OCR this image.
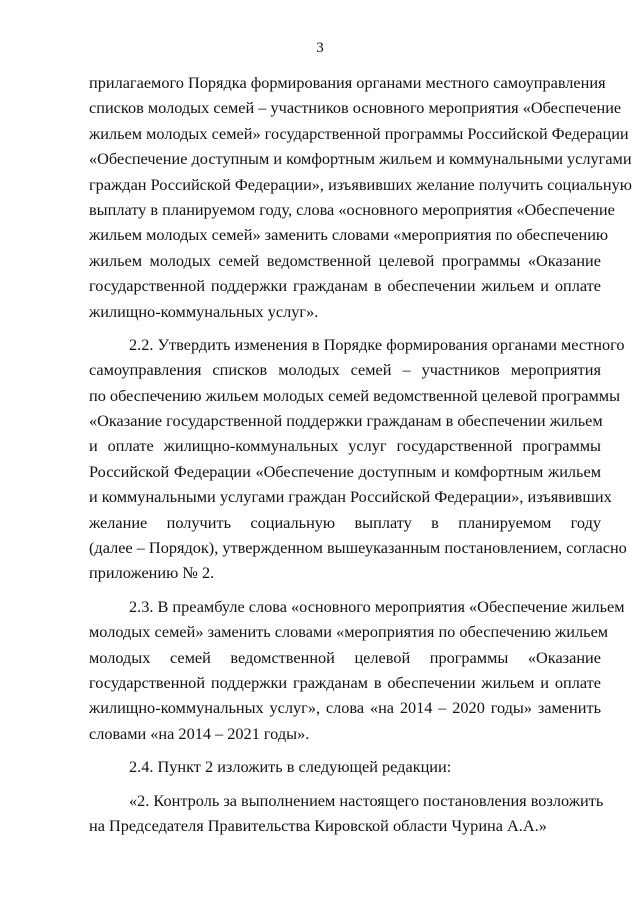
3
прилагаемого Порядка формирования органами местного самоуправления
списков молодых семей – участников основного мероприятия «Обеспечение
жильем молодых семей» государственной программы Российской Федерации
«Обеспечение доступным и комфортным жильем и коммунальными услугами
граждан Российской Федерации», изъявивших желание получить социальную
выплату в планируемом году, слова «основного мероприятия «Обеспечение
жильем молодых семей» заменить словами «мероприятия по обеспечению
жильем молодых семей ведомственной целевой программы «Оказание
государственной поддержки гражданам в обеспечении жильем и оплате
жилищно-коммунальных услуг».
2.2. Утвердить изменения в Порядке формирования органами местного
самоуправления списков молодых семей – участников мероприятия
по обеспечению жильем молодых семей ведомственной целевой программы
«Оказание государственной поддержки гражданам в обеспечении жильем
и оплате жилищно-коммунальных услуг государственной программы
Российской Федерации «Обеспечение доступным и комфортным жильем
и коммунальными услугами граждан Российской Федерации», изъявивших
желание получить социальную выплату в планируемом году
(далее – Порядок), утвержденном вышеуказанным постановлением, согласно
приложению № 2.
2.3. В преамбуле слова «основного мероприятия «Обеспечение жильем
молодых семей» заменить словами «мероприятия по обеспечению жильем
молодых семей ведомственной целевой программы «Оказание
государственной поддержки гражданам в обеспечении жильем и оплате
жилищно-коммунальных услуг», слова «на 2014 – 2020 годы» заменить
словами «на 2014 – 2021 годы».
2.4. Пункт 2 изложить в следующей редакции:
«2. Контроль за выполнением настоящего постановления возложить
на Председателя Правительства Кировской области Чурина А.А.»
